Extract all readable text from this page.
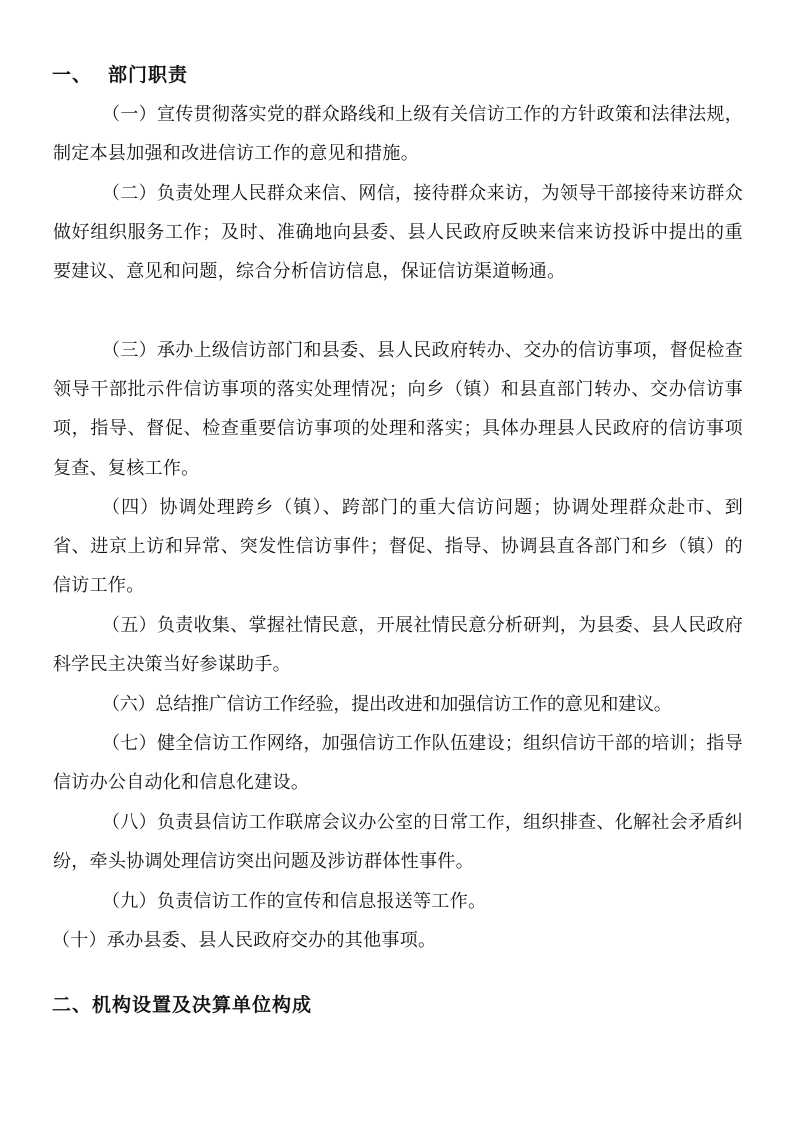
一、 部门职责

（一）宣传贯彻落实党的群众路线和上级有关信访工作的方针政策和法律法规，制定本县加强和改进信访工作的意见和措施。

（二）负责处理人民群众来信、网信，接待群众来访，为领导干部接待来访群众做好组织服务工作；及时、准确地向县委、县人民政府反映来信来访投诉中提出的重要建议、意见和问题，综合分析信访信息，保证信访渠道畅通。

（三）承办上级信访部门和县委、县人民政府转办、交办的信访事项，督促检查领导干部批示件信访事项的落实处理情况；向乡（镇）和县直部门转办、交办信访事项，指导、督促、检查重要信访事项的处理和落实；具体办理县人民政府的信访事项复查、复核工作。

（四）协调处理跨乡（镇）、跨部门的重大信访问题；协调处理群众赴市、到省、进京上访和异常、突发性信访事件；督促、指导、协调县直各部门和乡（镇）的信访工作。

（五）负责收集、掌握社情民意，开展社情民意分析研判，为县委、县人民政府科学民主决策当好参谋助手。

（六）总结推广信访工作经验，提出改进和加强信访工作的意见和建议。

（七）健全信访工作网络，加强信访工作队伍建设；组织信访干部的培训；指导信访办公自动化和信息化建设。

（八）负责县信访工作联席会议办公室的日常工作，组织排查、化解社会矛盾纠纷，牵头协调处理信访突出问题及涉访群体性事件。

（九）负责信访工作的宣传和信息报送等工作。

（十）承办县委、县人民政府交办的其他事项。

二、机构设置及决算单位构成
